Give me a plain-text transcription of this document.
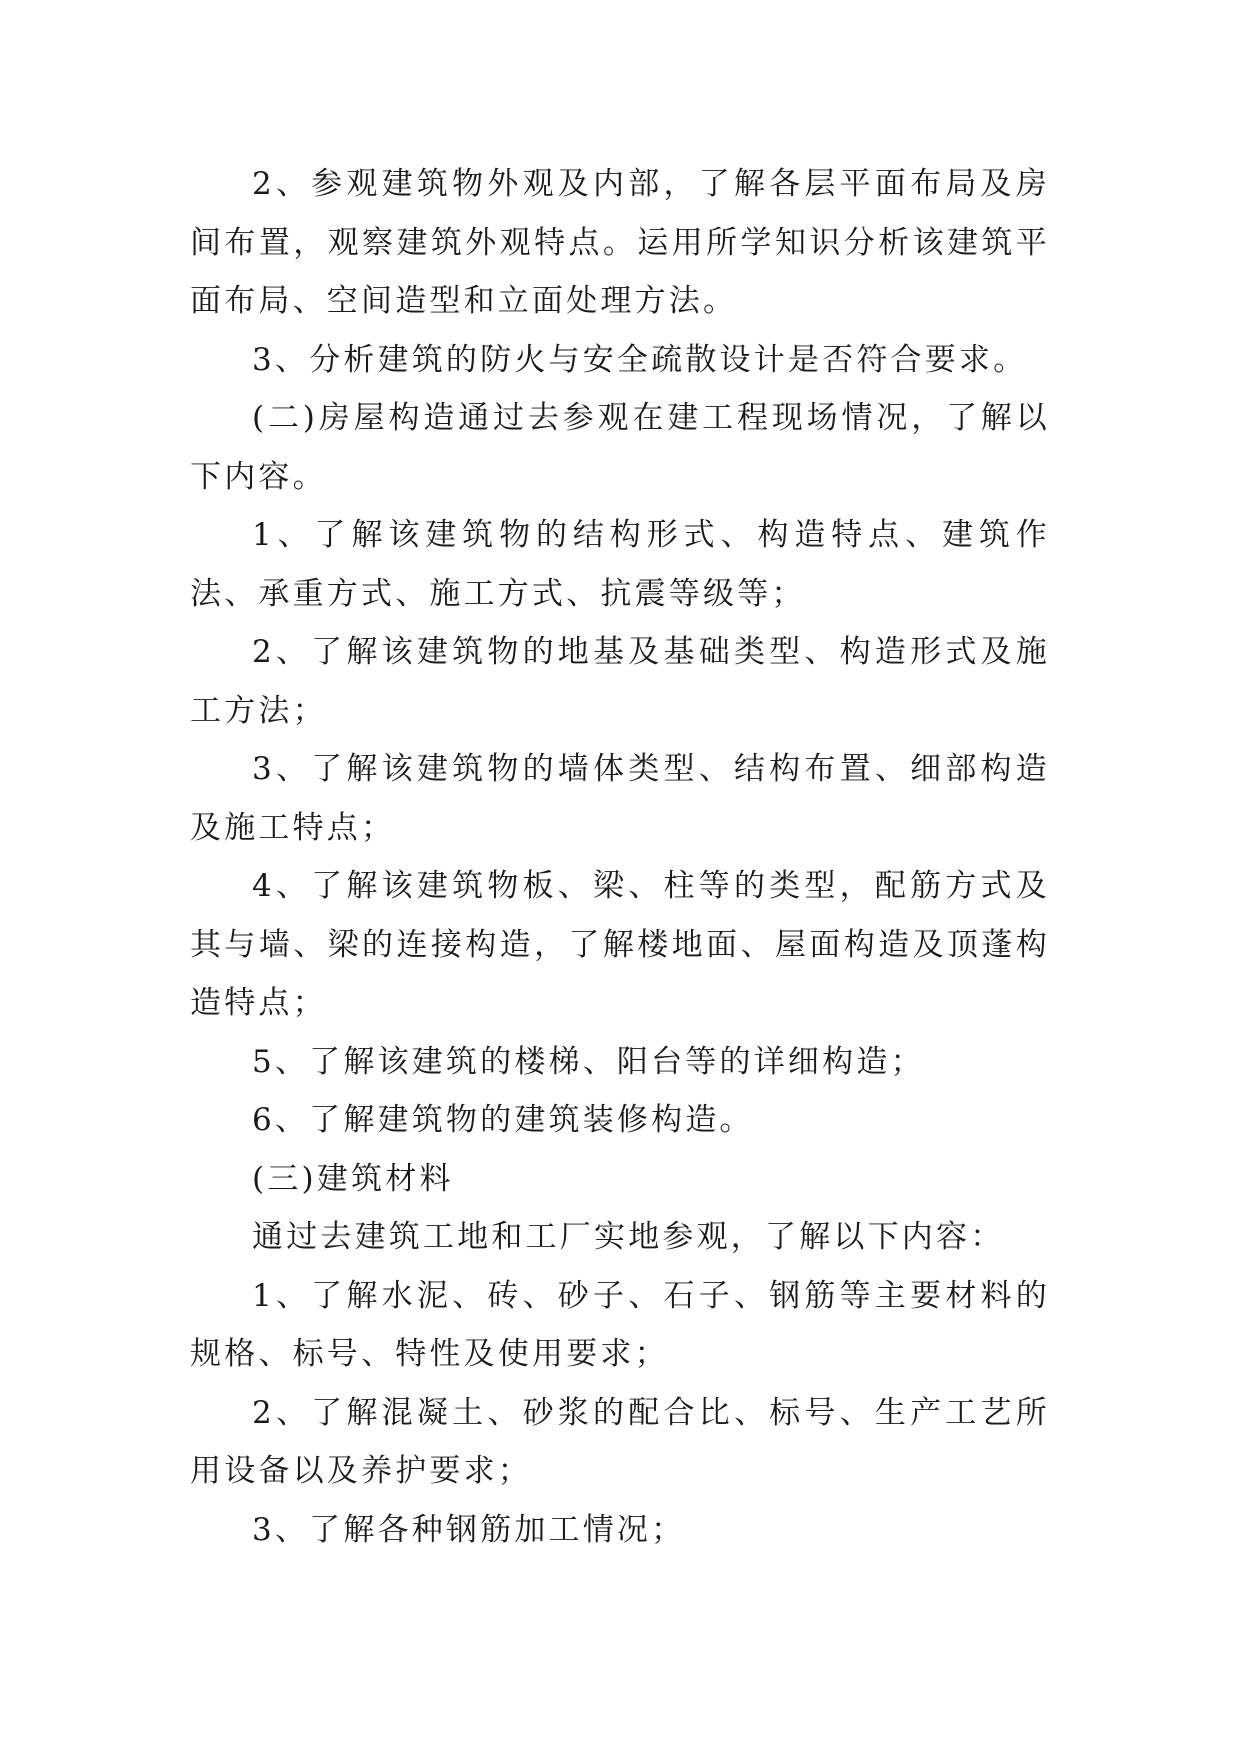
2、参观建筑物外观及内部，了解各层平面布局及房间布置，观察建筑外观特点。运用所学知识分析该建筑平面布局、空间造型和立面处理方法。

3、分析建筑的防火与安全疏散设计是否符合要求。

(二)房屋构造通过去参观在建工程现场情况，了解以下内容。

1、了解该建筑物的结构形式、构造特点、建筑作法、承重方式、施工方式、抗震等级等；

2、了解该建筑物的地基及基础类型、构造形式及施工方法；

3、了解该建筑物的墙体类型、结构布置、细部构造及施工特点；

4、了解该建筑物板、梁、柱等的类型，配筋方式及其与墙、梁的连接构造，了解楼地面、屋面构造及顶蓬构造特点；

5、了解该建筑的楼梯、阳台等的详细构造；

6、了解建筑物的建筑装修构造。

(三)建筑材料

通过去建筑工地和工厂实地参观，了解以下内容：

1、了解水泥、砖、砂子、石子、钢筋等主要材料的规格、标号、特性及使用要求；

2、了解混凝土、砂浆的配合比、标号、生产工艺所用设备以及养护要求；

3、了解各种钢筋加工情况；
